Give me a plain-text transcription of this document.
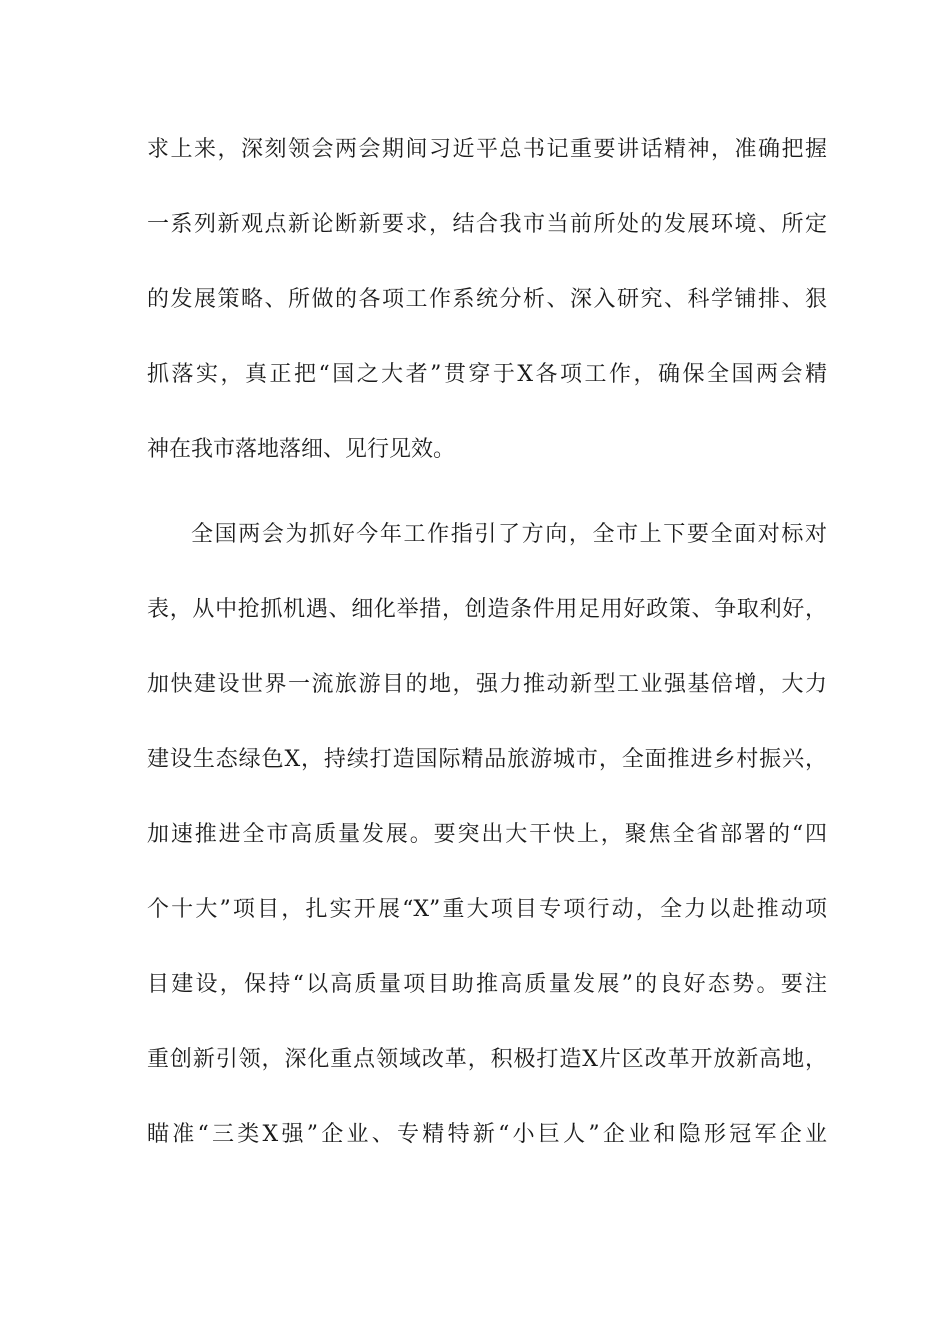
求上来，深刻领会两会期间习近平总书记重要讲话精神，准确把握
一系列新观点新论断新要求，结合我市当前所处的发展环境、所定
的发展策略、所做的各项工作系统分析、深入研究、科学铺排、狠
抓落实，真正把“国之大者”贯穿于X各项工作，确保全国两会精
神在我市落地落细、见行见效。
全国两会为抓好今年工作指引了方向，全市上下要全面对标对
表，从中抢抓机遇、细化举措，创造条件用足用好政策、争取利好，
加快建设世界一流旅游目的地，强力推动新型工业强基倍增，大力
建设生态绿色X，持续打造国际精品旅游城市，全面推进乡村振兴，
加速推进全市高质量发展。要突出大干快上，聚焦全省部署的“四
个十大”项目，扎实开展“X”重大项目专项行动，全力以赴推动项
目建设，保持“以高质量项目助推高质量发展”的良好态势。要注
重创新引领，深化重点领域改革，积极打造X片区改革开放新高地，
瞄准“三类X强”企业、专精特新“小巨人”企业和隐形冠军企业
